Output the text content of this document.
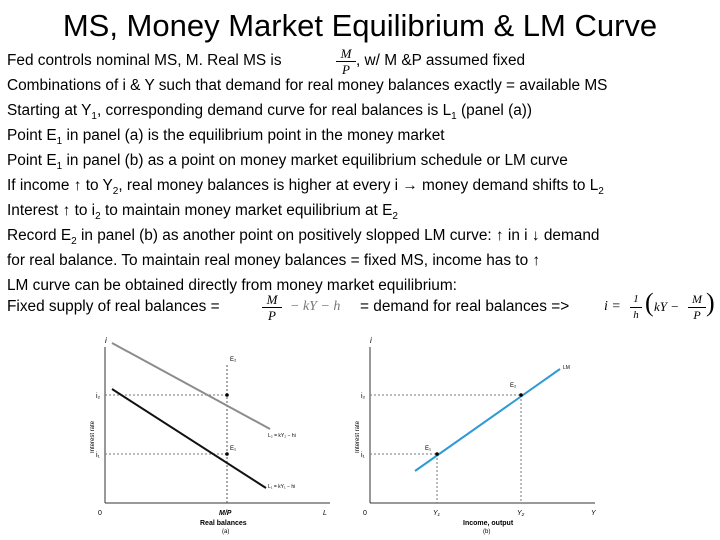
MS, Money Market Equilibrium & LM Curve
Fed controls nominal MS, M. Real MS is	M
P
, w/ M &P assumed fixed
Combinations of i & Y such that demand for real money balances exactly = available MS
Starting at $Y_1$, corresponding demand curve for real balances is $L_1$ (panel (a))
Point $E_1$ in panel (a) is the equilibrium point in the money market
Point $E_1$ in panel (b) as a point on money market equilibrium schedule or LM curve
If income ↑ to $Y_2$, real money balances is higher at every i → money demand shifts to $L_2$
Interest ↑ to $i_2$ to maintain money market equilibrium at $E_2$
Record $E_2$ in panel (b) as another point on positively slopped LM curve: ↑ in i ↓ demand
for real balance. To maintain real money balances = fixed MS, income has to ↑
LM curve can be obtained directly from money market equilibrium:
Fixed supply of real balances =	M
P
− kY − h = demand for real balances => i = 1
h ( kY −	M
P )
i
Interest rate
i₂
i₁
0
E₂
E₁
L₂ = kY₂ − hi
L₁ = kY₁ − hi
M/P	L
Real balances
(a)
i
Interest rate
i₂
i₁
0
E₂
E₁
LM
Y₁	Y₂	Y
Income, output
(b)
